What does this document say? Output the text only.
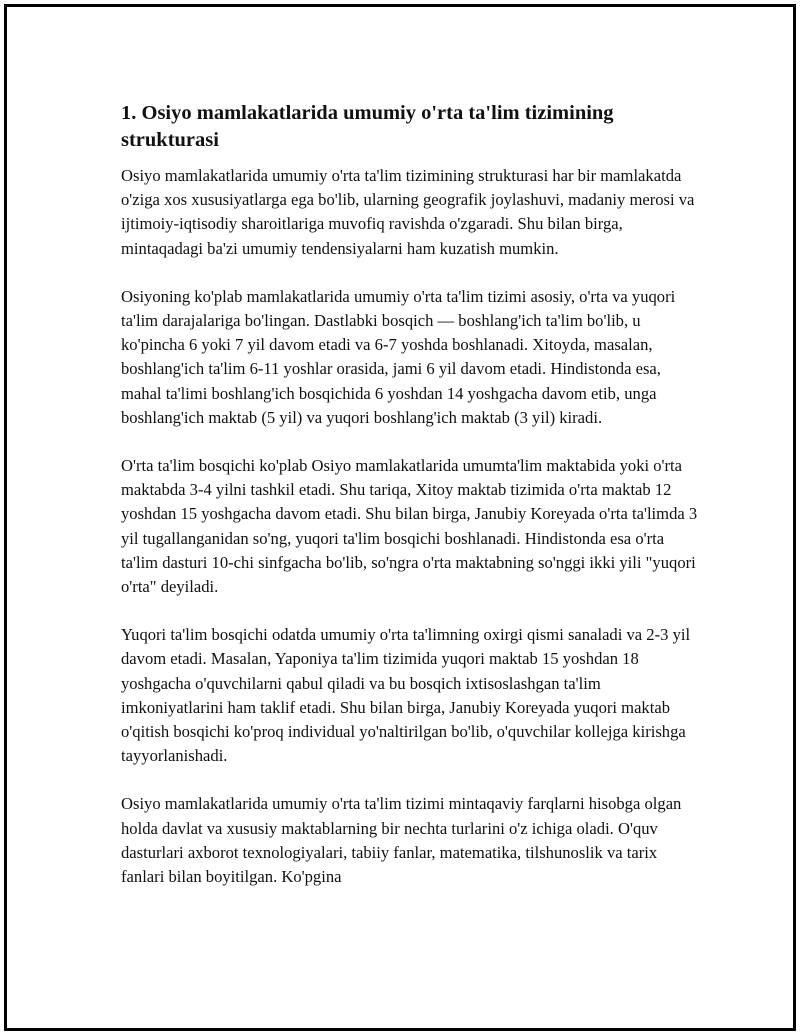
1. Osiyo mamlakatlarida umumiy o'rta ta'lim tizimining strukturasi

Osiyo mamlakatlarida umumiy o'rta ta'lim tizimining strukturasi har bir mamlakatda o'ziga xos xususiyatlarga ega bo'lib, ularning geografik joylashuvi, madaniy merosi va ijtimoiy-iqtisodiy sharoitlariga muvofiq ravishda o'zgaradi. Shu bilan birga, mintaqadagi ba'zi umumiy tendensiyalarni ham kuzatish mumkin.

Osiyoning ko'plab mamlakatlarida umumiy o'rta ta'lim tizimi asosiy, o'rta va yuqori ta'lim darajalariga bo'lingan. Dastlabki bosqich — boshlang'ich ta'lim bo'lib, u ko'pincha 6 yoki 7 yil davom etadi va 6-7 yoshda boshlanadi. Xitoyda, masalan, boshlang'ich ta'lim 6-11 yoshlar orasida, jami 6 yil davom etadi. Hindistonda esa, mahal ta'limi boshlang'ich bosqichida 6 yoshdan 14 yoshgacha davom etib, unga boshlang'ich maktab (5 yil) va yuqori boshlang'ich maktab (3 yil) kiradi.

O'rta ta'lim bosqichi ko'plab Osiyo mamlakatlarida umumta'lim maktabida yoki o'rta maktabda 3-4 yilni tashkil etadi. Shu tariqa, Xitoy maktab tizimida o'rta maktab 12 yoshdan 15 yoshgacha davom etadi. Shu bilan birga, Janubiy Koreyada o'rta ta'limda 3 yil tugallanganidan so'ng, yuqori ta'lim bosqichi boshlanadi. Hindistonda esa o'rta ta'lim dasturi 10-chi sinfgacha bo'lib, so'ngra o'rta maktabning so'nggi ikki yili "yuqori o'rta" deyiladi.

Yuqori ta'lim bosqichi odatda umumiy o'rta ta'limning oxirgi qismi sanaladi va 2-3 yil davom etadi. Masalan, Yaponiya ta'lim tizimida yuqori maktab 15 yoshdan 18 yoshgacha o'quvchilarni qabul qiladi va bu bosqich ixtisoslashgan ta'lim imkoniyatlarini ham taklif etadi. Shu bilan birga, Janubiy Koreyada yuqori maktab o'qitish bosqichi ko'proq individual yo'naltirilgan bo'lib, o'quvchilar kollejga kirishga tayyorlanishadi.

Osiyo mamlakatlarida umumiy o'rta ta'lim tizimi mintaqaviy farqlarni hisobga olgan holda davlat va xususiy maktablarning bir nechta turlarini o'z ichiga oladi. O'quv dasturlari axborot texnologiyalari, tabiiy fanlar, matematika, tilshunoslik va tarix fanlari bilan boyitilgan. Ko'pgina
